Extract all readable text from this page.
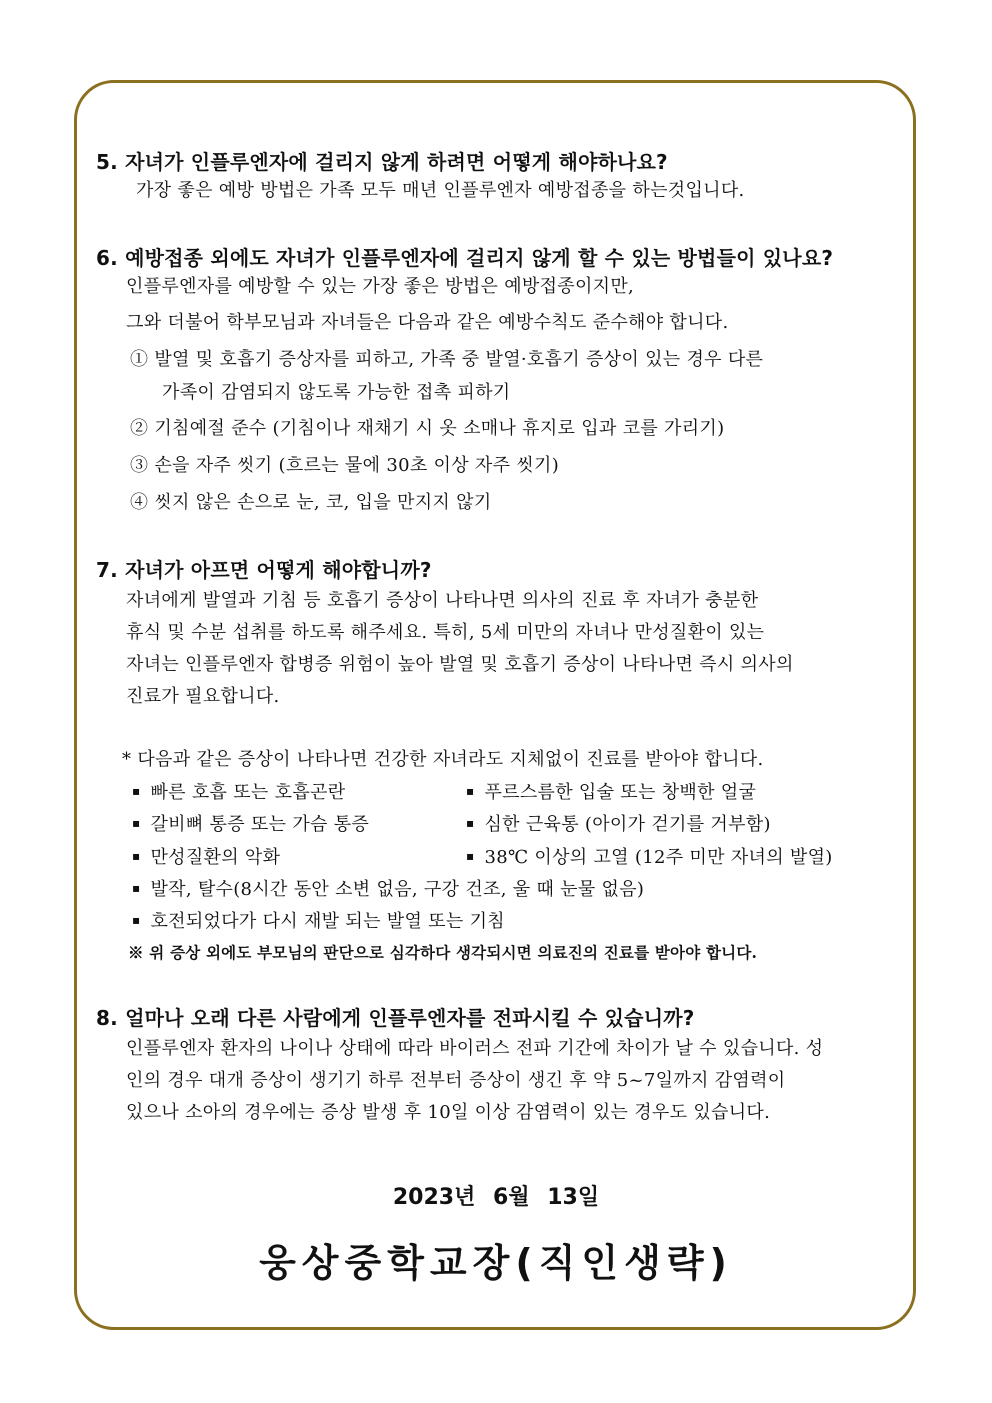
5. 자녀가 인플루엔자에 걸리지 않게 하려면 어떻게 해야하나요?
가장 좋은 예방 방법은 가족 모두 매년 인플루엔자 예방접종을 하는것입니다.
6. 예방접종 외에도 자녀가 인플루엔자에 걸리지 않게 할 수 있는 방법들이 있나요?
인플루엔자를 예방할 수 있는 가장 좋은 방법은 예방접종이지만,
그와 더불어 학부모님과 자녀들은 다음과 같은 예방수칙도 준수해야 합니다.
① 발열 및 호흡기 증상자를 피하고, 가족 중 발열·호흡기 증상이 있는 경우 다른
가족이 감염되지 않도록 가능한 접촉 피하기
② 기침예절 준수 (기침이나 재채기 시 옷 소매나 휴지로 입과 코를 가리기)
③ 손을 자주 씻기 (흐르는 물에 30초 이상 자주 씻기)
④ 씻지 않은 손으로 눈, 코, 입을 만지지 않기
7. 자녀가 아프면 어떻게 해야합니까?
자녀에게 발열과 기침 등 호흡기 증상이 나타나면 의사의 진료 후 자녀가 충분한
휴식 및 수분 섭취를 하도록 해주세요. 특히, 5세 미만의 자녀나 만성질환이 있는
자녀는 인플루엔자 합병증 위험이 높아 발열 및 호흡기 증상이 나타나면 즉시 의사의
진료가 필요합니다.
* 다음과 같은 증상이 나타나면 건강한 자녀라도 지체없이 진료를 받아야 합니다.
▪ 빠른 호흡 또는 호흡곤란	▪ 푸르스름한 입술 또는 창백한 얼굴
▪ 갈비뼈 통증 또는 가슴 통증	▪ 심한 근육통 (아이가 걷기를 거부함)
▪ 만성질환의 악화	▪ 38℃ 이상의 고열 (12주 미만 자녀의 발열)
▪ 발작, 탈수(8시간 동안 소변 없음, 구강 건조, 울 때 눈물 없음)
▪ 호전되었다가 다시 재발 되는 발열 또는 기침
※ 위 증상 외에도 부모님의 판단으로 심각하다 생각되시면 의료진의 진료를 받아야 합니다.
8. 얼마나 오래 다른 사람에게 인플루엔자를 전파시킬 수 있습니까?
인플루엔자 환자의 나이나 상태에 따라 바이러스 전파 기간에 차이가 날 수 있습니다. 성
인의 경우 대개 증상이 생기기 하루 전부터 증상이 생긴 후 약 5~7일까지 감염력이
있으나 소아의 경우에는 증상 발생 후 10일 이상 감염력이 있는 경우도 있습니다.
2023년 6월 13일
웅상중학교장(직인생략)
